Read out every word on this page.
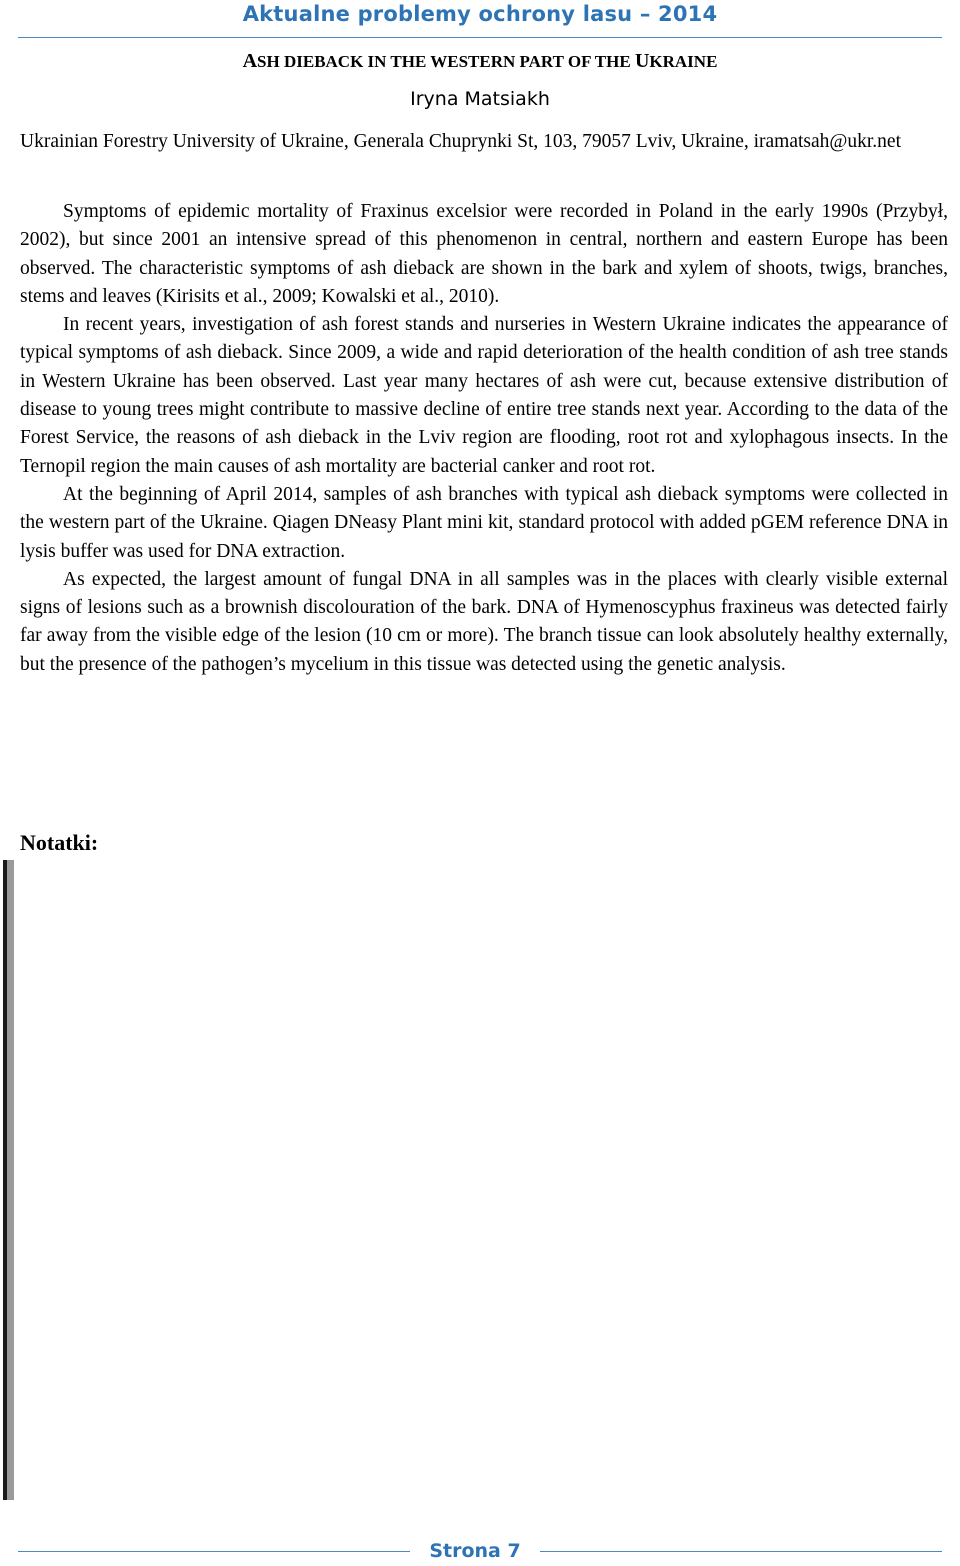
Aktualne problemy ochrony lasu – 2014
ASH DIEBACK IN THE WESTERN PART OF THE UKRAINE
Iryna Matsiakh
Ukrainian Forestry University of Ukraine, Generala Chuprynki St, 103, 79057 Lviv, Ukraine, iramatsah@ukr.net

Symptoms of epidemic mortality of Fraxinus excelsior were recorded in Poland in the early 1990s (Przybył, 2002), but since 2001 an intensive spread of this phenomenon in central, northern and eastern Europe has been observed. The characteristic symptoms of ash dieback are shown in the bark and xylem of shoots, twigs, branches, stems and leaves (Kirisits et al., 2009; Kowalski et al., 2010).

In recent years, investigation of ash forest stands and nurseries in Western Ukraine indicates the appearance of typical symptoms of ash dieback. Since 2009, a wide and rapid deterioration of the health condition of ash tree stands in Western Ukraine has been observed. Last year many hectares of ash were cut, because extensive distribution of disease to young trees might contribute to massive decline of entire tree stands next year. According to the data of the Forest Service, the reasons of ash dieback in the Lviv region are flooding, root rot and xylophagous insects. In the Ternopil region the main causes of ash mortality are bacterial canker and root rot.

At the beginning of April 2014, samples of ash branches with typical ash dieback symptoms were collected in the western part of the Ukraine. Qiagen DNeasy Plant mini kit, standard protocol with added pGEM reference DNA in lysis buffer was used for DNA extraction.

As expected, the largest amount of fungal DNA in all samples was in the places with clearly visible external signs of lesions such as a brownish discolouration of the bark. DNA of Hymenoscyphus fraxineus was detected fairly far away from the visible edge of the lesion (10 cm or more). The branch tissue can look absolutely healthy externally, but the presence of the pathogen’s mycelium in this tissue was detected using the genetic analysis.

Notatki:
Strona 7
